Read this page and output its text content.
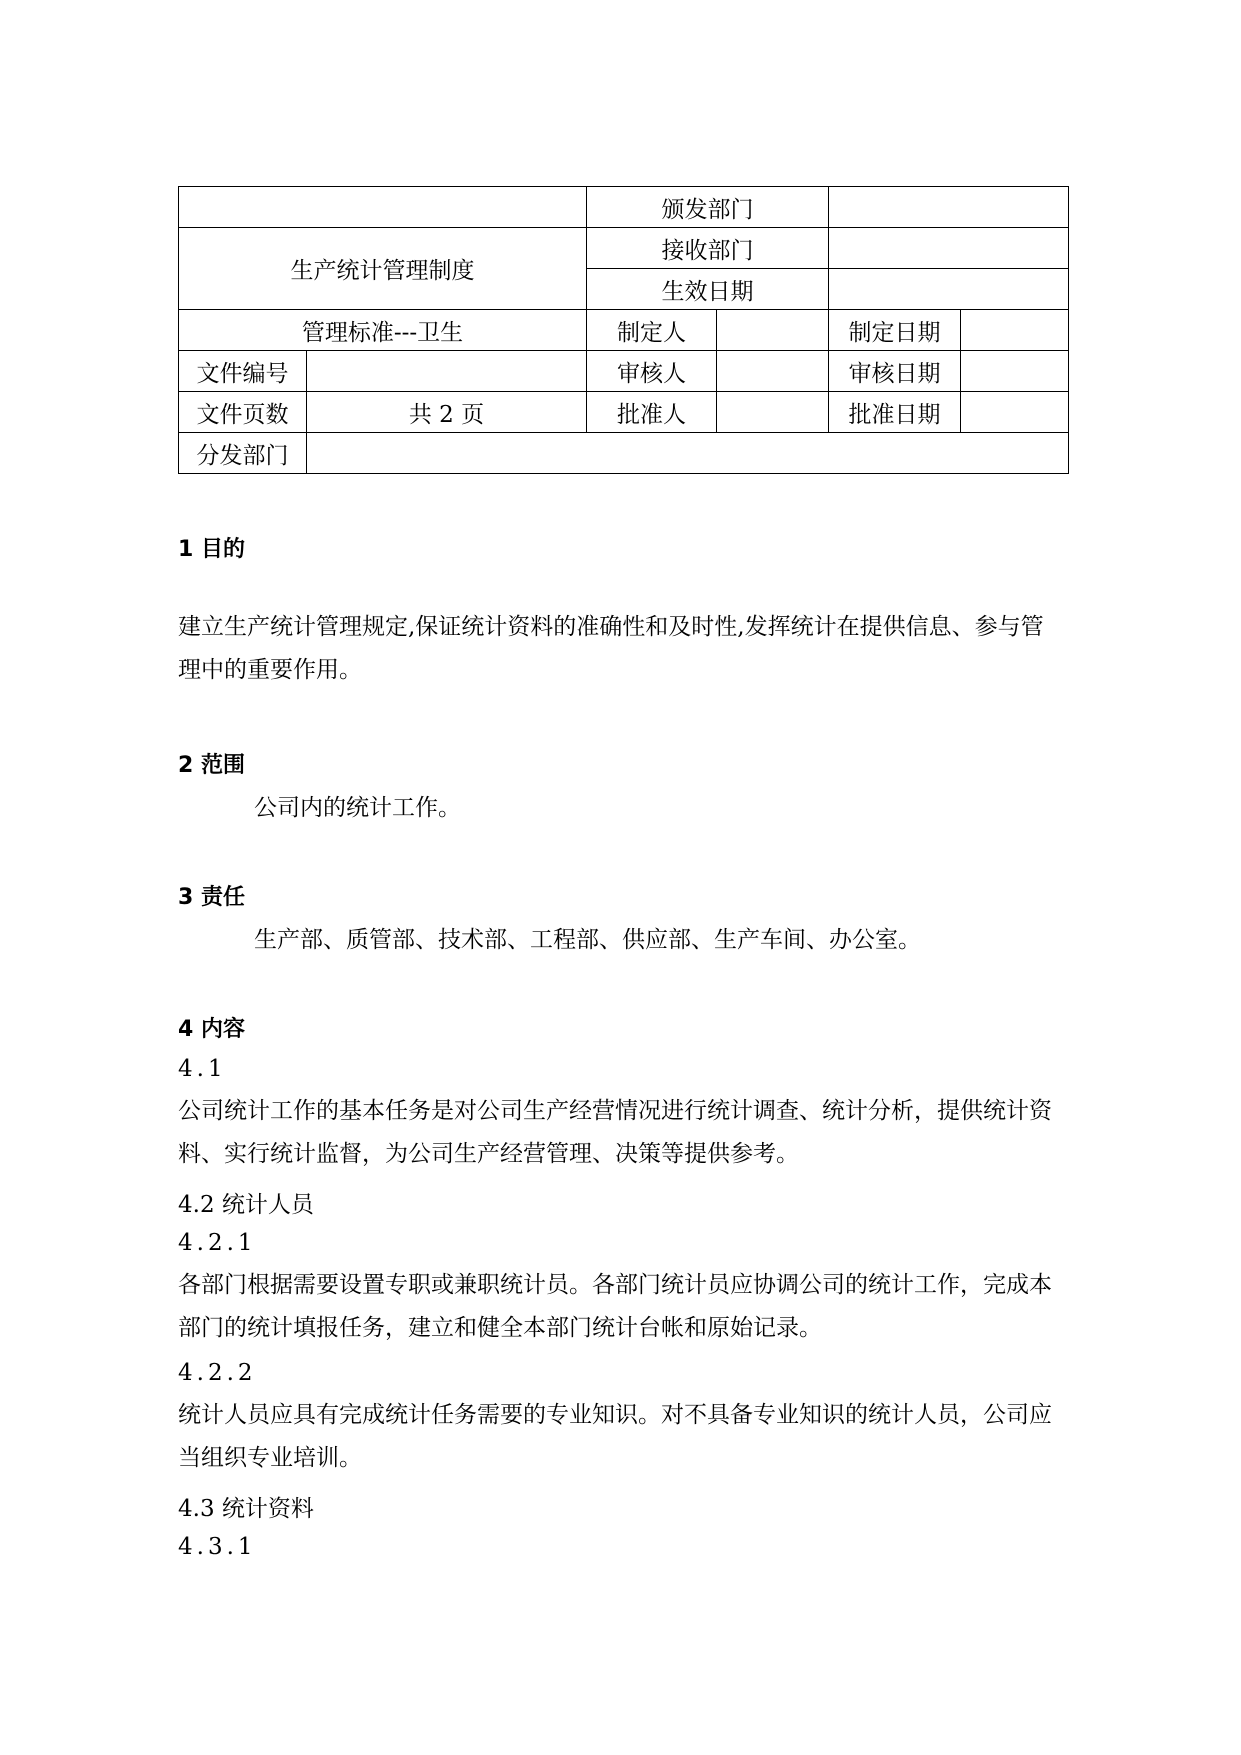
		颁发部门			
生产统计管理制度		接收部门			
		生效日期			
管理标准---卫生		制定人		制定日期	
文件编号		审核人		审核日期	
文件页数	共 2 页	批准人		批准日期	
分发部门					
1 目的
建立生产统计管理规定,保证统计资料的准确性和及时性,发挥统计在提供信息、参与管理中的重要作用。
2 范围
公司内的统计工作。
3 责任
生产部、质管部、技术部、工程部、供应部、生产车间、办公室。
4 内容
4.1
公司统计工作的基本任务是对公司生产经营情况进行统计调查、统计分析，提供统计资料、实行统计监督，为公司生产经营管理、决策等提供参考。
4.2 统计人员
4.2.1
各部门根据需要设置专职或兼职统计员。各部门统计员应协调公司的统计工作，完成本部门的统计填报任务，建立和健全本部门统计台帐和原始记录。
4.2.2
统计人员应具有完成统计任务需要的专业知识。对不具备专业知识的统计人员，公司应当组织专业培训。
4.3 统计资料
4.3.1
